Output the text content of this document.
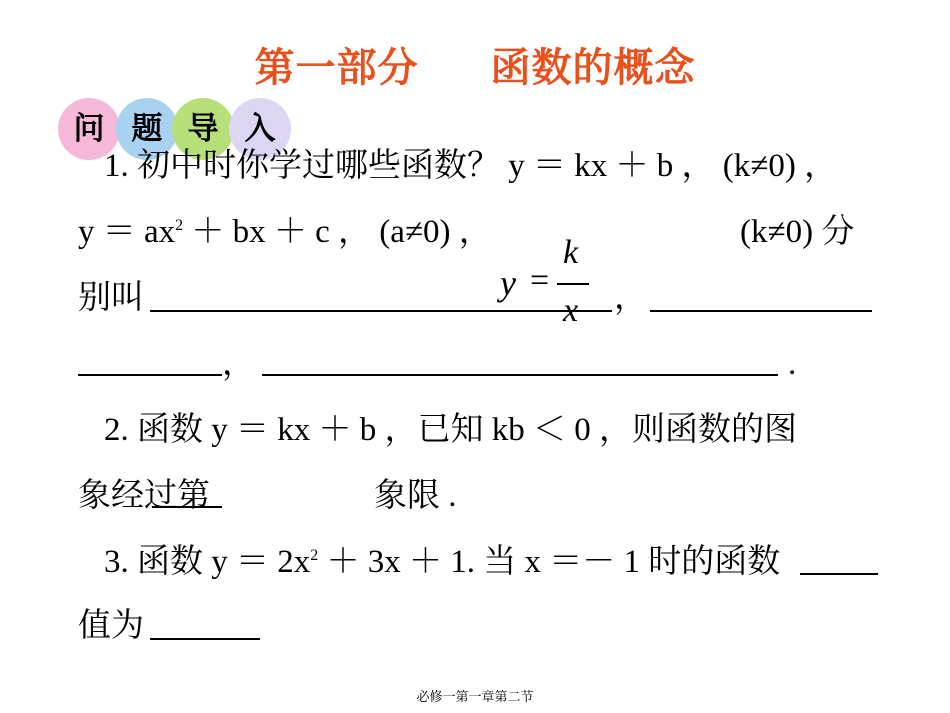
第一部分 函数的概念
问 题 导 入
1. 初中时你学过哪些函数？ y ＝ kx ＋ b ， (k≠0) ，
$y = ax^2$ ＋ bx ＋ c ， (a≠0) ，	(k≠0) 分
别叫	，
y =
k
x
，	.
2. 函数 y ＝ kx ＋ b ，已知 kb ＜ 0 ，则函数的图
象经过第	象限 .
3. 函数 $y = 2x^2 + 3x + 1$. 当 x ＝－ 1 时的函数
值为
必修一第一章第二节
